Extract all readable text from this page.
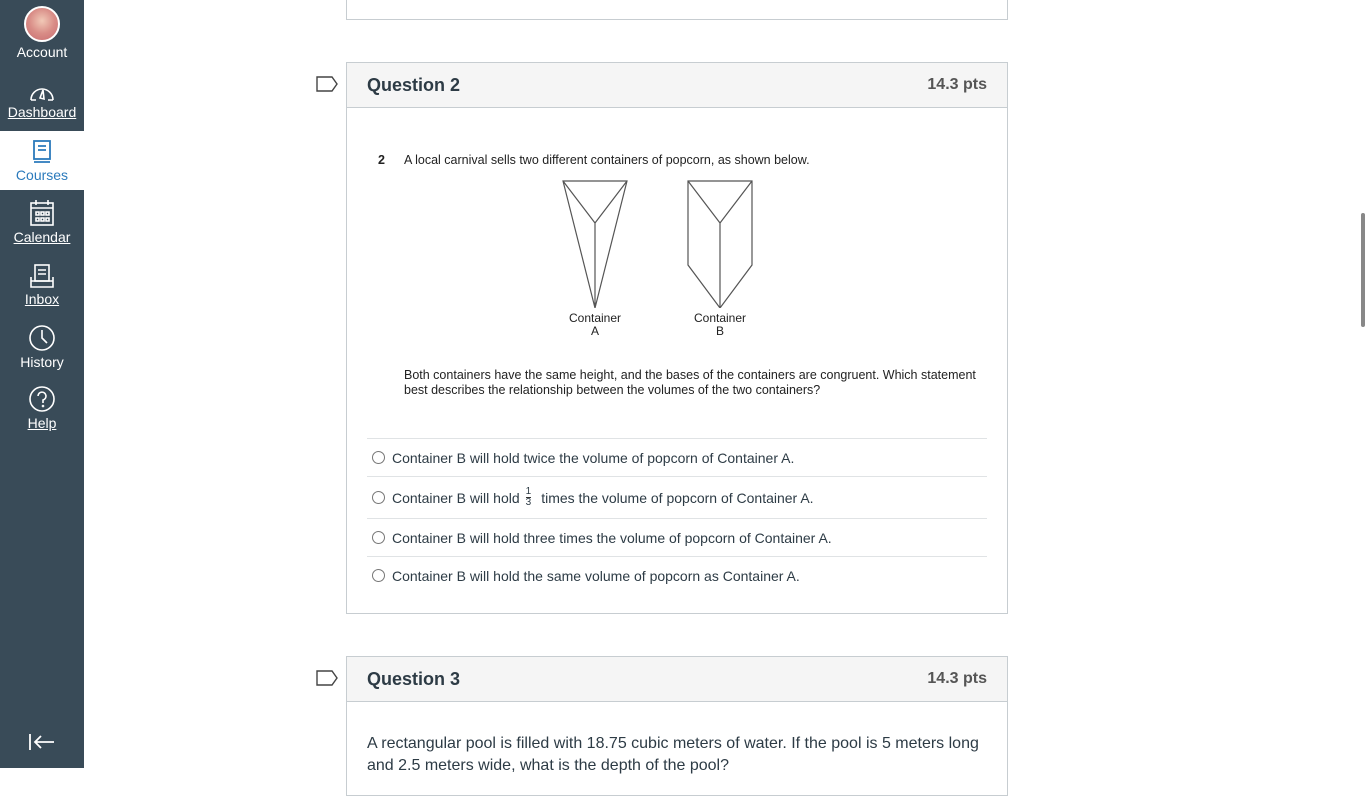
Account
Dashboard
Courses
Calendar
Inbox
History
Help
Question 2	14.3 pts
2 A local carnival sells two different containers of popcorn, as shown below.
Container
A
Container
B
Both containers have the same height, and the bases of the containers are congruent. Which statement best describes the relationship between the volumes of the two containers?
Container B will hold twice the volume of popcorn of Container A.
Container B will hold $\frac{1}{3}$ times the volume of popcorn of Container A.
Container B will hold three times the volume of popcorn of Container A.
Container B will hold the same volume of popcorn as Container A.
Question 3	14.3 pts
A rectangular pool is filled with 18.75 cubic meters of water. If the pool is 5 meters long and 2.5 meters wide, what is the depth of the pool?
